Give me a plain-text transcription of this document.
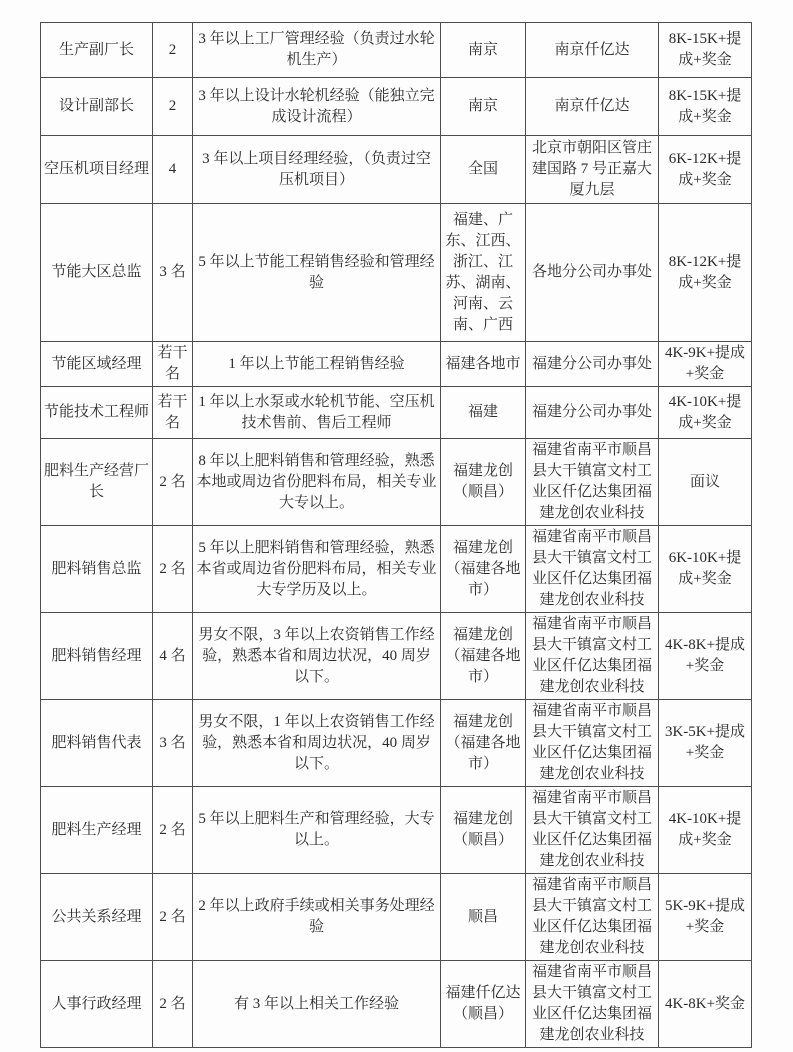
生产副厂长	2	3 年以上工厂管理经验（负责过水轮机生产）	南京	南京仟亿达	8K-15K+提成+奖金
设计副部长	2	3 年以上设计水轮机经验（能独立完成设计流程）	南京	南京仟亿达	8K-15K+提成+奖金
空压机项目经理	4	3 年以上项目经理经验，（负责过空压机项目）	全国	北京市朝阳区管庄建国路 7 号正嘉大厦九层	6K-12K+提成+奖金
节能大区总监	3 名	5 年以上节能工程销售经验和管理经验	福建、广东、江西、浙江、江苏、湖南、河南、云南、广西	各地分公司办事处	8K-12K+提成+奖金
节能区域经理	若干名	1 年以上节能工程销售经验	福建各地市	福建分公司办事处	4K-9K+提成+奖金
节能技术工程师	若干名	1 年以上水泵或水轮机节能、空压机技术售前、售后工程师	福建	福建分公司办事处	4K-10K+提成+奖金
肥料生产经营厂长	2 名	8 年以上肥料销售和管理经验，熟悉本地或周边省份肥料布局，相关专业大专以上。	福建龙创（顺昌）	福建省南平市顺昌县大干镇富文村工业区仟亿达集团福建龙创农业科技	面议
肥料销售总监	2 名	5 年以上肥料销售和管理经验，熟悉本省或周边省份肥料布局，相关专业大专学历及以上。	福建龙创（福建各地市）	福建省南平市顺昌县大干镇富文村工业区仟亿达集团福建龙创农业科技	6K-10K+提成+奖金
肥料销售经理	4 名	男女不限，3 年以上农资销售工作经验，熟悉本省和周边状况，40 周岁以下。	福建龙创（福建各地市）	福建省南平市顺昌县大干镇富文村工业区仟亿达集团福建龙创农业科技	4K-8K+提成+奖金
肥料销售代表	3 名	男女不限，1 年以上农资销售工作经验，熟悉本省和周边状况，40 周岁以下。	福建龙创（福建各地市）	福建省南平市顺昌县大干镇富文村工业区仟亿达集团福建龙创农业科技	3K-5K+提成+奖金
肥料生产经理	2 名	5 年以上肥料生产和管理经验，大专以上。	福建龙创（顺昌）	福建省南平市顺昌县大干镇富文村工业区仟亿达集团福建龙创农业科技	4K-10K+提成+奖金
公共关系经理	2 名	2 年以上政府手续或相关事务处理经验	顺昌	福建省南平市顺昌县大干镇富文村工业区仟亿达集团福建龙创农业科技	5K-9K+提成+奖金
人事行政经理	2 名	有 3 年以上相关工作经验	福建仟亿达（顺昌）	福建省南平市顺昌县大干镇富文村工业区仟亿达集团福建龙创农业科技	4K-8K+奖金
